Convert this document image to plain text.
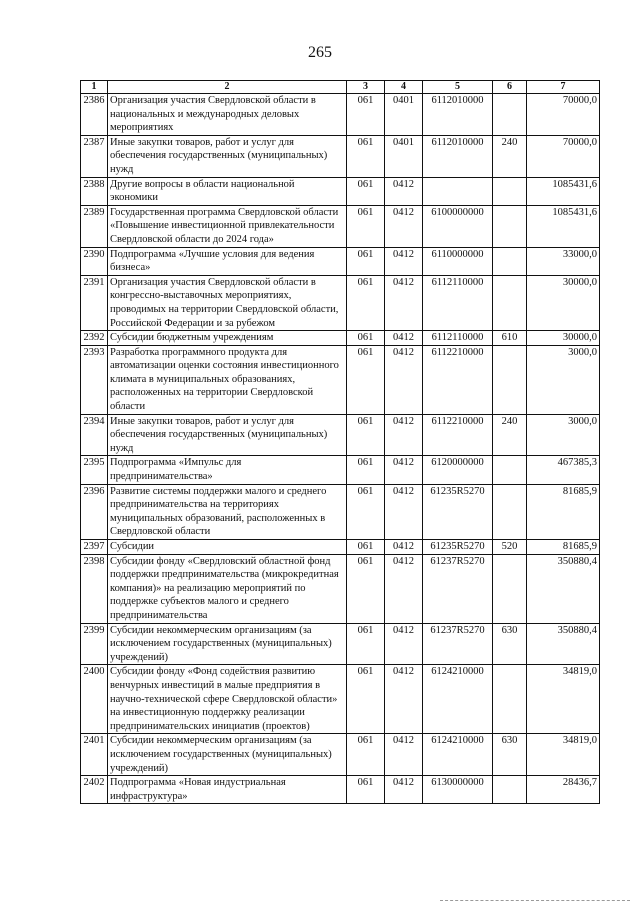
265
1	2	3	4	5	6	7
2386	Организация участия Свердловской области в национальных и международных деловых мероприятиях	061	0401	6112010000		70000,0
2387	Иные закупки товаров, работ и услуг для обеспечения государственных (муниципальных) нужд	061	0401	6112010000	240	70000,0
2388	Другие вопросы в области национальной экономики	061	0412			1085431,6
2389	Государственная программа Свердловской области «Повышение инвестиционной привлекательности Свердловской области до 2024 года»	061	0412	6100000000		1085431,6
2390	Подпрограмма «Лучшие условия для ведения бизнеса»	061	0412	6110000000		33000,0
2391	Организация участия Свердловской области в конгрессно-выставочных мероприятиях, проводимых на территории Свердловской области, Российской Федерации и за рубежом	061	0412	6112110000		30000,0
2392	Субсидии бюджетным учреждениям	061	0412	6112110000	610	30000,0
2393	Разработка программного продукта для автоматизации оценки состояния инвестиционного климата в муниципальных образованиях, расположенных на территории Свердловской области	061	0412	6112210000		3000,0
2394	Иные закупки товаров, работ и услуг для обеспечения государственных (муниципальных) нужд	061	0412	6112210000	240	3000,0
2395	Подпрограмма «Импульс для предпринимательства»	061	0412	6120000000		467385,3
2396	Развитие системы поддержки малого и среднего предпринимательства на территориях муниципальных образований, расположенных в Свердловской области	061	0412	61235R5270		81685,9
2397	Субсидии	061	0412	61235R5270	520	81685,9
2398	Субсидии фонду «Свердловский областной фонд поддержки предпринимательства (микрокредитная компания)» на реализацию мероприятий по поддержке субъектов малого и среднего предпринимательства	061	0412	61237R5270		350880,4
2399	Субсидии некоммерческим организациям (за исключением государственных (муниципальных) учреждений)	061	0412	61237R5270	630	350880,4
2400	Субсидии фонду «Фонд содействия развитию венчурных инвестиций в малые предприятия в научно-технической сфере Свердловской области» на инвестиционную поддержку реализации предпринимательских инициатив (проектов)	061	0412	6124210000		34819,0
2401	Субсидии некоммерческим организациям (за исключением государственных (муниципальных) учреждений)	061	0412	6124210000	630	34819,0
2402	Подпрограмма «Новая индустриальная инфраструктура»	061	0412	6130000000		28436,7
